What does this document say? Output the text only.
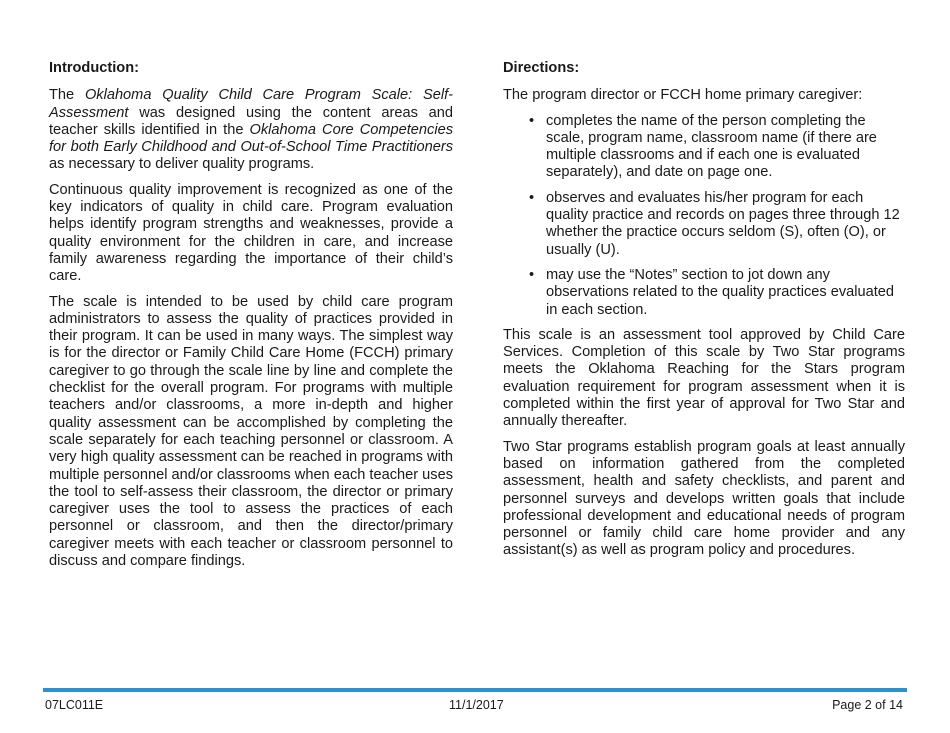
Introduction:

The Oklahoma Quality Child Care Program Scale: Self-Assessment was designed using the content areas and teacher skills identified in the Oklahoma Core Competencies for both Early Childhood and Out-of-School Time Practitioners as necessary to deliver quality programs.

Continuous quality improvement is recognized as one of the key indicators of quality in child care. Program evaluation helps identify program strengths and weaknesses, provide a quality environment for the children in care, and increase family awareness regarding the importance of their child’s care.

The scale is intended to be used by child care program administrators to assess the quality of practices provided in their program. It can be used in many ways. The simplest way is for the director or Family Child Care Home (FCCH) primary caregiver to go through the scale line by line and complete the checklist for the overall program. For programs with multiple teachers and/or classrooms, a more in-depth and higher quality assessment can be accomplished by completing the scale separately for each teaching personnel or classroom. A very high quality assessment can be reached in programs with multiple personnel and/or classrooms when each teacher uses the tool to self-assess their classroom, the director or primary caregiver uses the tool to assess the practices of each personnel or classroom, and then the director/primary caregiver meets with each teacher or classroom personnel to discuss and compare findings.

Directions:

The program director or FCCH home primary caregiver:

• completes the name of the person completing the scale, program name, classroom name (if there are multiple classrooms and if each one is evaluated separately), and date on page one.
• observes and evaluates his/her program for each quality practice and records on pages three through 12 whether the practice occurs seldom (S), often (O), or usually (U).
• may use the “Notes” section to jot down any observations related to the quality practices evaluated in each section.

This scale is an assessment tool approved by Child Care Services. Completion of this scale by Two Star programs meets the Oklahoma Reaching for the Stars program evaluation requirement for program assessment when it is completed within the first year of approval for Two Star and annually thereafter.

Two Star programs establish program goals at least annually based on information gathered from the completed assessment, health and safety checklists, and parent and personnel surveys and develops written goals that include professional development and educational needs of program personnel or family child care home provider and any assistant(s) as well as program policy and procedures.

07LC011E	11/1/2017	Page 2 of 14
